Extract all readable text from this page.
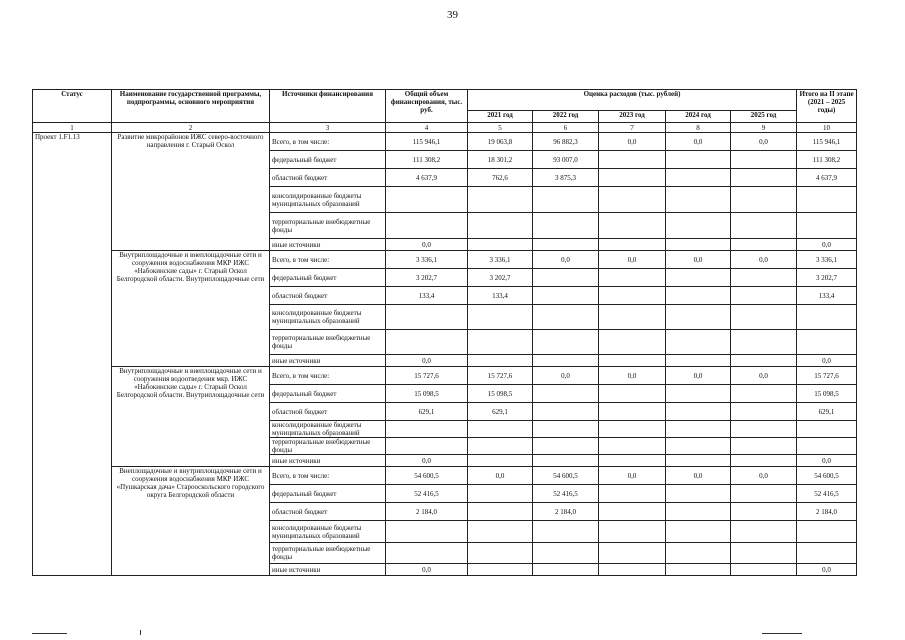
39
Статус	Наименование государственной программы, подпрограммы, основного мероприятия	Источники финансирования	Общий объем финансирования, тыс. руб.	Оценка расходов (тыс. рублей)					Итого на II этапе (2021 – 2025 годы)
				2021 год	2022 год	2023 год	2024 год	2025 год	
1	2	3	4	5	6	7	8	9	10
Проект 1.F1.13	Развитие микрорайонов ИЖС северо-восточного направления г. Старый Оскол	Всего, в том числе:	115 946,1	19 063,8	96 882,3	0,0	0,0	0,0	115 946,1
		федеральный бюджет	111 308,2	18 301,2	93 007,0				111 308,2
		областной бюджет	4 637,9	762,6	3 875,3				4 637,9
		консолидированные бюджеты муниципальных образований							
		территориальные внебюджетные фонды							
		иные источники	0,0						0,0
	Внутриплощадочные и внеплощадочные сети и сооружения водоснабжения МКР ИЖС «Набокинские сады» г. Старый Оскол Белгородской области. Внутриплощадочные сети	Всего, в том числе:	3 336,1	3 336,1	0,0	0,0	0,0	0,0	3 336,1
		федеральный бюджет	3 202,7	3 202,7					3 202,7
		областной бюджет	133,4	133,4					133,4
		консолидированные бюджеты муниципальных образований							
		территориальные внебюджетные фонды							
		иные источники	0,0						0,0
	Внутриплощадочные и внеплощадочные сети и сооружения водоотведения мкр. ИЖС «Набокинские сады» г. Старый Оскол Белгородской области. Внутриплощадочные сети	Всего, в том числе:	15 727,6	15 727,6	0,0	0,0	0,0	0,0	15 727,6
		федеральный бюджет	15 098,5	15 098,5					15 098,5
		областной бюджет	629,1	629,1					629,1
		консолидированные бюджеты муниципальных образований							
		территориальные внебюджетные фонды							
		иные источники	0,0						0,0
	Внеплощадочные и внутриплощадочные сети и сооружения водоснабжения МКР ИЖС «Пушкарская дача» Старооскольского городского округа Белгородской области	Всего, в том числе:	54 600,5	0,0	54 600,5	0,0	0,0	0,0	54 600,5
		федеральный бюджет	52 416,5		52 416,5				52 416,5
		областной бюджет	2 184,0		2 184,0				2 184,0
		консолидированные бюджеты муниципальных образований							
		территориальные внебюджетные фонды							
		иные источники	0,0						0,0
